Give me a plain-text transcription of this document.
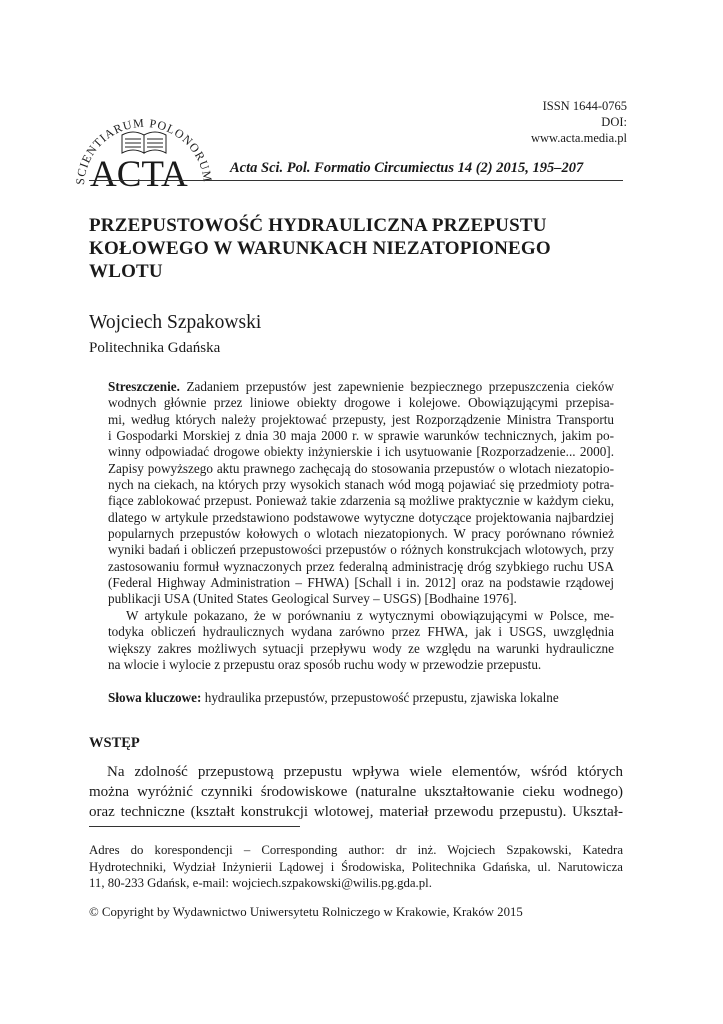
SCIENTIARUM POLONORUM
ACTA
ISSN 1644-0765
DOI:
www.acta.media.pl
Acta Sci. Pol. Formatio Circumiectus 14 (2) 2015, 195–207
PRZEPUSTOWOŚĆ HYDRAULICZNA PRZEPUSTU
KOŁOWEGO W WARUNKACH NIEZATOPIONEGO
WLOTU
Wojciech Szpakowski
Politechnika Gdańska
Streszczenie. Zadaniem przepustów jest zapewnienie bezpiecznego przepuszczenia cieków
wodnych głównie przez liniowe obiekty drogowe i kolejowe. Obowiązującymi przepisa-
mi, według których należy projektować przepusty, jest Rozporządzenie Ministra Transportu
i Gospodarki Morskiej z dnia 30 maja 2000 r. w sprawie warunków technicznych, jakim po-
winny odpowiadać drogowe obiekty inżynierskie i ich usytuowanie [Rozporzadzenie... 2000].
Zapisy powyższego aktu prawnego zachęcają do stosowania przepustów o wlotach niezatopio-
nych na ciekach, na których przy wysokich stanach wód mogą pojawiać się przedmioty potra-
fiące zablokować przepust. Ponieważ takie zdarzenia są możliwe praktycznie w każdym cieku,
dlatego w artykule przedstawiono podstawowe wytyczne dotyczące projektowania najbardziej
popularnych przepustów kołowych o wlotach niezatopionych. W pracy porównano również
wyniki badań i obliczeń przepustowości przepustów o różnych konstrukcjach wlotowych, przy
zastosowaniu formuł wyznaczonych przez federalną administrację dróg szybkiego ruchu USA
(Federal Highway Administration – FHWA) [Schall i in. 2012] oraz na podstawie rządowej
publikacji USA (United States Geological Survey – USGS) [Bodhaine 1976].
W artykule pokazano, że w porównaniu z wytycznymi obowiązującymi w Polsce, me-
todyka obliczeń hydraulicznych wydana zarówno przez FHWA, jak i USGS, uwzględnia
większy zakres możliwych sytuacji przepływu wody ze względu na warunki hydrauliczne
na wlocie i wylocie z przepustu oraz sposób ruchu wody w przewodzie przepustu.
Słowa kluczowe: hydraulika przepustów, przepustowość przepustu, zjawiska lokalne
WSTĘP
Na zdolność przepustową przepustu wpływa wiele elementów, wśród których
można wyróżnić czynniki środowiskowe (naturalne ukształtowanie cieku wodnego)
oraz techniczne (kształt konstrukcji wlotowej, materiał przewodu przepustu). Ukształ-
Adres do korespondencji – Corresponding author: dr inż. Wojciech Szpakowski, Katedra
Hydrotechniki, Wydział Inżynierii Lądowej i Środowiska, Politechnika Gdańska, ul. Narutowicza
11, 80-233 Gdańsk, e-mail: wojciech.szpakowski@wilis.pg.gda.pl.
© Copyright by Wydawnictwo Uniwersytetu Rolniczego w Krakowie, Kraków 2015
